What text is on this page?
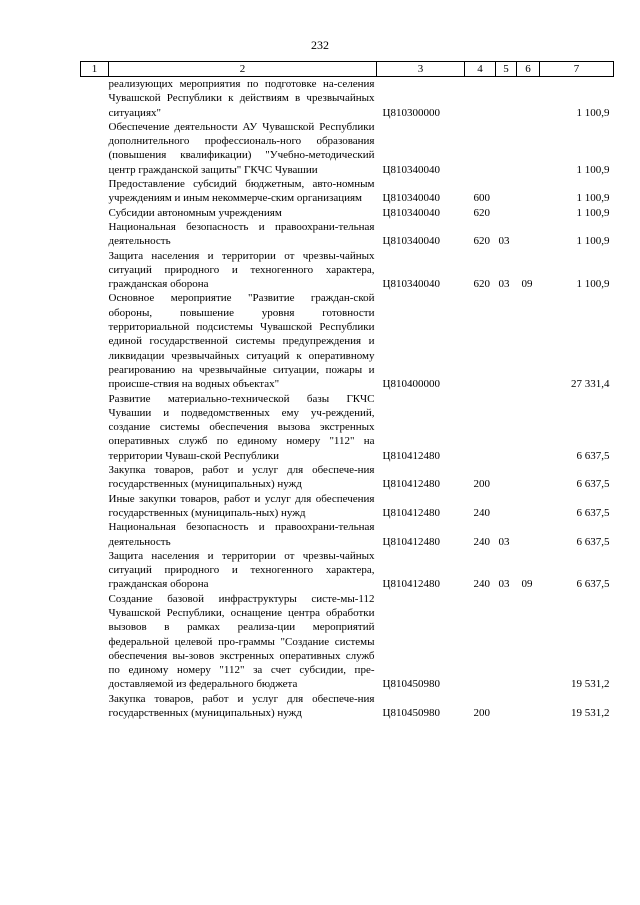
232
1	2	3	4	5	6	7
	реализующих мероприятия по подготовке на-селения Чувашской Республики к действиям в чрезвычайных ситуациях"	Ц810300000				1 100,9
	Обеспечение деятельности АУ Чувашской Республики дополнительного профессиональ-ного образования (повышения квалификации) "Учебно-методический центр гражданской защиты" ГКЧС Чувашии	Ц810340040				1 100,9
	Предоставление субсидий бюджетным, авто-номным учреждениям и иным некоммерче-ским организациям	Ц810340040	600			1 100,9
	Субсидии автономным учреждениям	Ц810340040	620			1 100,9
	Национальная безопасность и правоохрани-тельная деятельность	Ц810340040	620	03		1 100,9
	Защита населения и территории от чрезвы-чайных ситуаций природного и техногенного характера, гражданская оборона	Ц810340040	620	03	09	1 100,9
	Основное мероприятие "Развитие граждан-ской обороны, повышение уровня готовности территориальной подсистемы Чувашской Республики единой государственной системы предупреждения и ликвидации чрезвычайных ситуаций к оперативному реагированию на чрезвычайные ситуации, пожары и происше-ствия на водных объектах"	Ц810400000				27 331,4
	Развитие материально-технической базы ГКЧС Чувашии и подведомственных ему уч-реждений, создание системы обеспечения вызова экстренных оперативных служб по единому номеру "112" на территории Чуваш-ской Республики	Ц810412480				6 637,5
	Закупка товаров, работ и услуг для обеспече-ния государственных (муниципальных) нужд	Ц810412480	200			6 637,5
	Иные закупки товаров, работ и услуг для обеспечения государственных (муниципаль-ных) нужд	Ц810412480	240			6 637,5
	Национальная безопасность и правоохрани-тельная деятельность	Ц810412480	240	03		6 637,5
	Защита населения и территории от чрезвы-чайных ситуаций природного и техногенного характера, гражданская оборона	Ц810412480	240	03	09	6 637,5
	Создание базовой инфраструктуры систе-мы-112 Чувашской Республики, оснащение центра обработки вызовов в рамках реализа-ции мероприятий федеральной целевой про-граммы "Создание системы обеспечения вы-зовов экстренных оперативных служб по единому номеру "112" за счет субсидии, пре-доставляемой из федерального бюджета	Ц810450980				19 531,2
	Закупка товаров, работ и услуг для обеспече-ния государственных (муниципальных) нужд	Ц810450980	200			19 531,2
